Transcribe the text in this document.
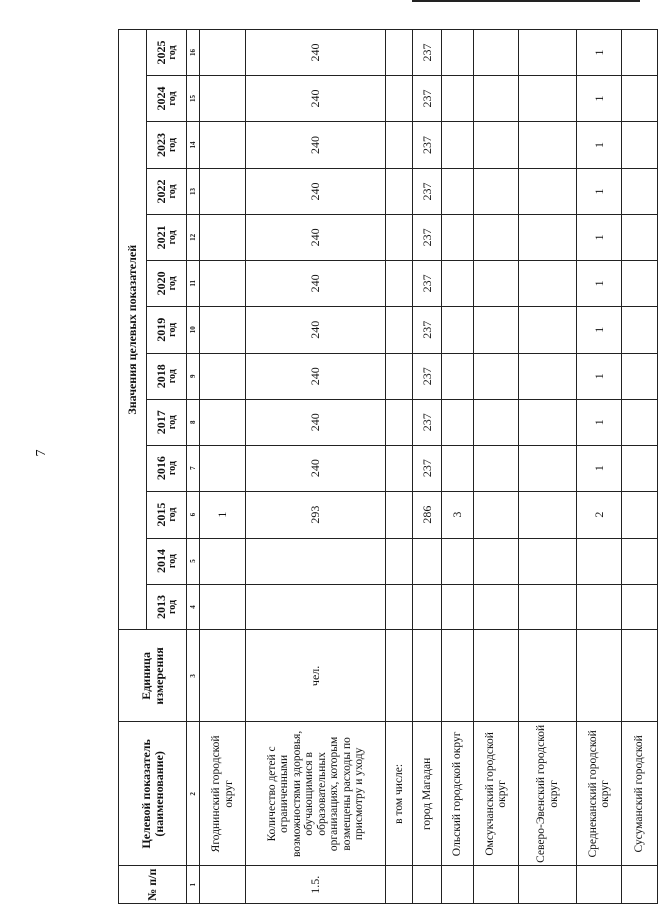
7
№ п/п	Целевой показатель (наименование)	Единица измерения	Значения целевых показателей												

			2013 год	2014 год	2015 год	2016 год	2017 год	2018 год	2019 год	2020 год	2021 год	2022 год	2023 год	2024 год	2025 год

1	2	3	4	5	6	7	8	9	10	11	12	13	14	15	16
	Ягоднинский городской округ				1										
1.5.	Количество детей с ограниченными возможностями здоровья, обучающимися в образовательных организациях, которым возмещены расходы по присмотру и уходу	чел.			293	240	240	240	240	240	240	240	240	240	240
	в том числе:														
	город Магадан				286	237	237	237	237	237	237	237	237	237	237
	Ольский городской округ				3										
	Омсукчанский городской округ														
	Северо-Эвенский городской округ														
	Среднеканский городской округ				2	1	1	1	1	1	1	1	1	1	1
	Сусуманский городской														
